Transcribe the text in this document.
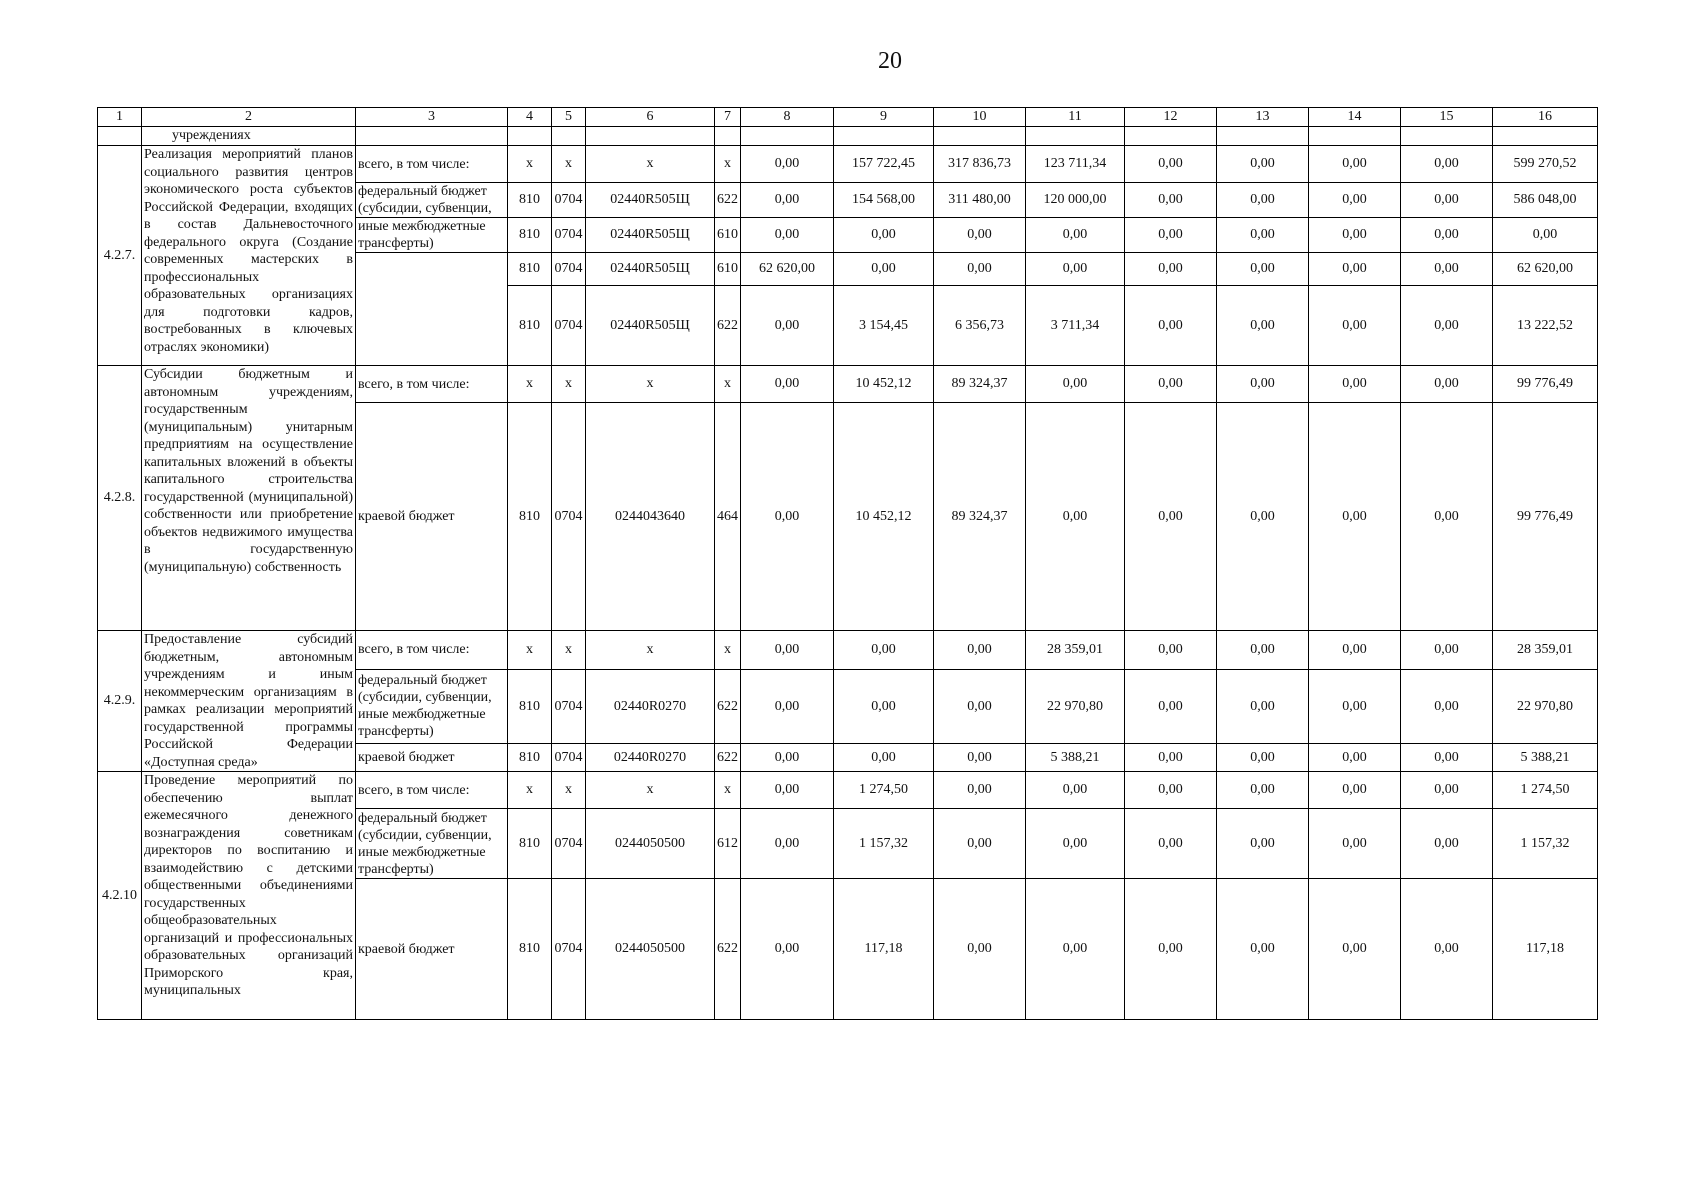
20
1	2	3	4	5	6	7	8	9	10	11	12	13	14	15	16
	учреждениях														
4.2.7.	Реализация мероприятий планов социального развития центров экономического роста субъектов Российской Федерации, входящих в состав Дальневосточного федерального округа (Создание современных мастерских в профессиональных образовательных организациях для подготовки кадров, востребованных в ключевых отраслях экономики)	всего, в том числе:	x	x	x	x	0,00	157 722,45	317 836,73	123 711,34	0,00	0,00	0,00	0,00	599 270,52
		федеральный бюджет (субсидии, субвенции,	810	0704	02440R505Щ	622	0,00	154 568,00	311 480,00	120 000,00	0,00	0,00	0,00	0,00	586 048,00
		иные межбюджетные трансферты)	810	0704	02440R505Щ	610	0,00	0,00	0,00	0,00	0,00	0,00	0,00	0,00	0,00
			810	0704	02440R505Щ	610	62 620,00	0,00	0,00	0,00	0,00	0,00	0,00	0,00	62 620,00
			810	0704	02440R505Щ	622	0,00	3 154,45	6 356,73	3 711,34	0,00	0,00	0,00	0,00	13 222,52
4.2.8.	Субсидии бюджетным и автономным учреждениям, государственным (муниципальным) унитарным предприятиям на осуществление капитальных вложений в объекты капитального строительства государственной (муниципальной) собственности или приобретение объектов недвижимого имущества в государственную (муниципальную) собственность	всего, в том числе:	x	x	x	x	0,00	10 452,12	89 324,37	0,00	0,00	0,00	0,00	0,00	99 776,49
		краевой бюджет	810	0704	0244043640	464	0,00	10 452,12	89 324,37	0,00	0,00	0,00	0,00	0,00	99 776,49
4.2.9.	Предоставление субсидий бюджетным, автономным учреждениям и иным некоммерческим организациям в рамках реализации мероприятий государственной программы Российской Федерации «Доступная среда»	всего, в том числе:	x	x	x	x	0,00	0,00	0,00	28 359,01	0,00	0,00	0,00	0,00	28 359,01
		федеральный бюджет (субсидии, субвенции, иные межбюджетные трансферты)	810	0704	02440R0270	622	0,00	0,00	0,00	22 970,80	0,00	0,00	0,00	0,00	22 970,80
		краевой бюджет	810	0704	02440R0270	622	0,00	0,00	0,00	5 388,21	0,00	0,00	0,00	0,00	5 388,21
4.2.10	Проведение мероприятий по обеспечению выплат ежемесячного денежного вознаграждения советникам директоров по воспитанию и взаимодействию с детскими общественными объединениями государственных общеобразовательных организаций и профессиональных образовательных организаций Приморского края, муниципальных	всего, в том числе:	x	x	x	x	0,00	1 274,50	0,00	0,00	0,00	0,00	0,00	0,00	1 274,50
		федеральный бюджет (субсидии, субвенции, иные межбюджетные трансферты)	810	0704	0244050500	612	0,00	1 157,32	0,00	0,00	0,00	0,00	0,00	0,00	1 157,32
		краевой бюджет	810	0704	0244050500	622	0,00	117,18	0,00	0,00	0,00	0,00	0,00	0,00	117,18
